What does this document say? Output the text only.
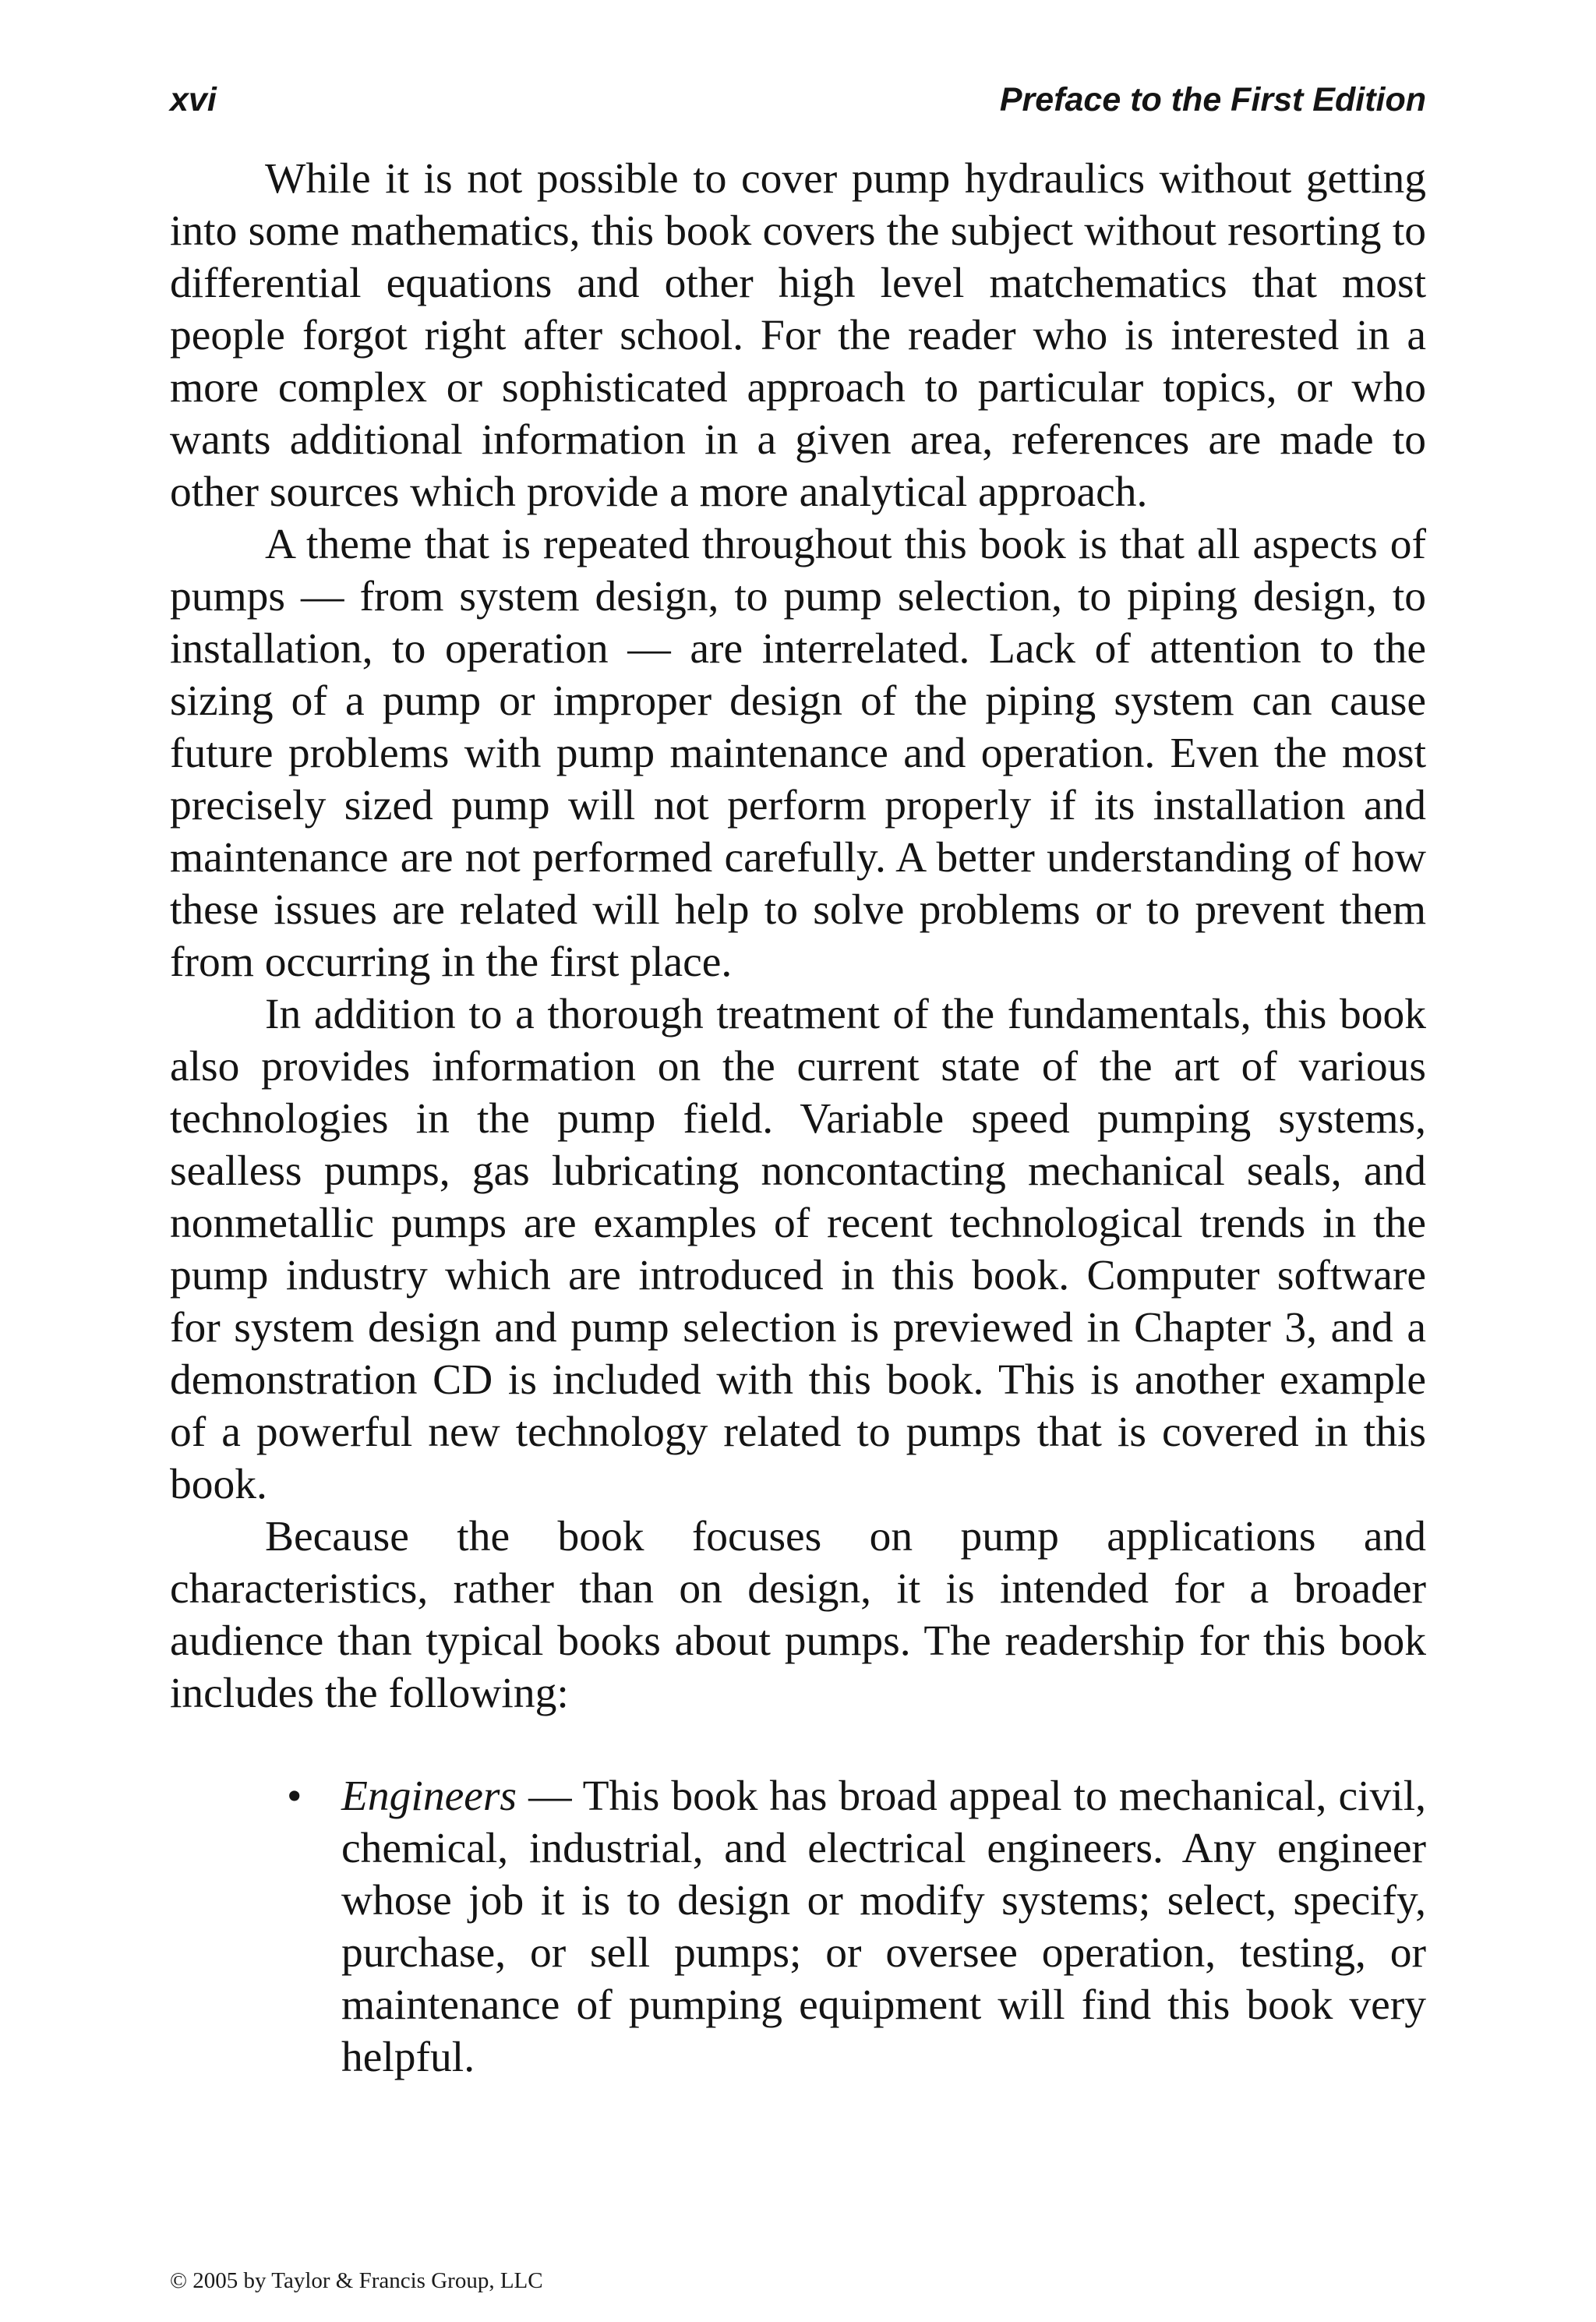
xvi	Preface to the First Edition

While it is not possible to cover pump hydraulics without getting into some mathematics, this book covers the subject without resorting to differential equations and other high level matchematics that most people forgot right after school. For the reader who is interested in a more complex or sophisticated approach to particular topics, or who wants additional information in a given area, references are made to other sources which provide a more analytical approach.

A theme that is repeated throughout this book is that all aspects of pumps — from system design, to pump selection, to piping design, to installation, to operation — are interrelated. Lack of attention to the sizing of a pump or improper design of the piping system can cause future problems with pump maintenance and operation. Even the most precisely sized pump will not perform properly if its installation and maintenance are not performed carefully. A better understanding of how these issues are related will help to solve problems or to prevent them from occurring in the first place.

In addition to a thorough treatment of the fundamentals, this book also provides information on the current state of the art of various technologies in the pump field. Variable speed pumping systems, sealless pumps, gas lubricating noncontacting mechanical seals, and nonmetallic pumps are examples of recent technological trends in the pump industry which are introduced in this book. Computer software for system design and pump selection is previewed in Chapter 3, and a demonstration CD is included with this book. This is another example of a powerful new technology related to pumps that is covered in this book.

Because the book focuses on pump applications and characteristics, rather than on design, it is intended for a broader audience than typical books about pumps. The readership for this book includes the following:

• Engineers — This book has broad appeal to mechanical, civil, chemical, industrial, and electrical engineers. Any engineer whose job it is to design or modify systems; select, specify, purchase, or sell pumps; or oversee operation, testing, or maintenance of pumping equipment will find this book very helpful.
© 2005 by Taylor & Francis Group, LLC
